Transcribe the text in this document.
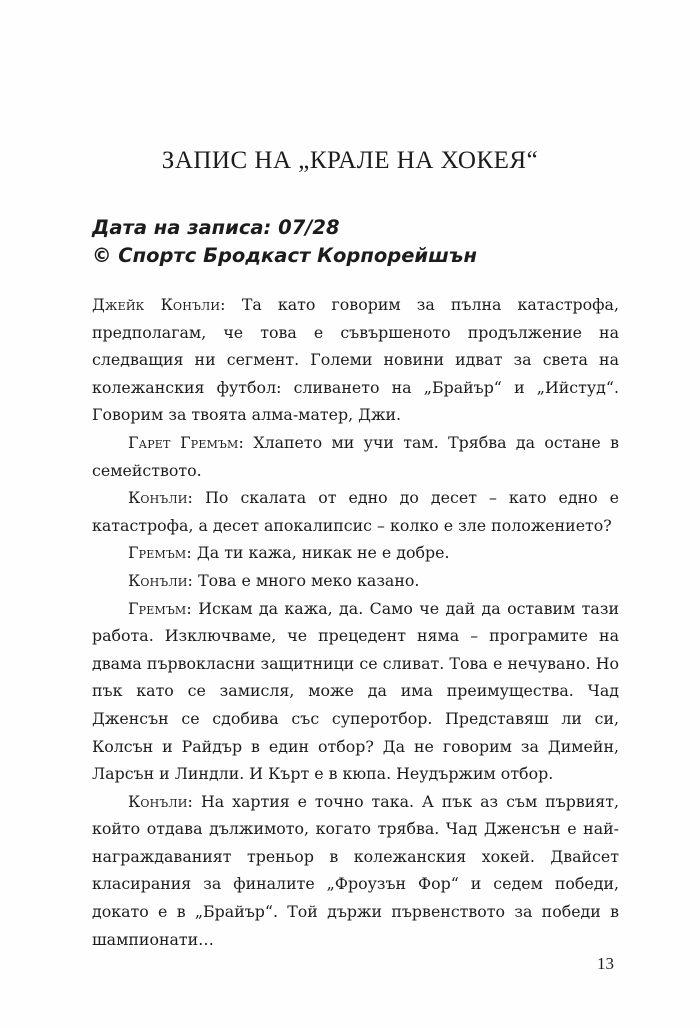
ЗАПИС НА „КРАЛЕ НА ХОКЕЯ“
Дата на записа: 07/28
© Спортс Бродкаст Корпорейшън

Джейк Конъли: Та като говорим за пълна катастрофа, предполагам, че това е съвършеното продължение на следващия ни сегмент. Големи новини идват за света на колежанския футбол: сливането на „Брайър“ и „Ийстуд“. Говорим за твоята алма-матер, Джи.

Гарет Гремъм: Хлапето ми учи там. Трябва да остане в семейството.

Конъли: По скалата от едно до десет – като едно е катастрофа, а десет апокалипсис – колко е зле положението?

Гремъм: Да ти кажа, никак не е добре.

Конъли: Това е много меко казано.

Гремъм: Искам да кажа, да. Само че дай да оставим тази работа. Изключваме, че прецедент няма – програмите на двама първокласни защитници се сливат. Това е нечувано. Но пък като се замисля, може да има преимущества. Чад Дженсън се сдобива със суперотбор. Представяш ли си, Колсън и Райдър в един отбор? Да не говорим за Димейн, Ларсън и Линдли. И Кърт е в кюпа. Неудържим отбор.

Конъли: На хартия е точно така. А пък аз съм първият, който отдава дължимото, когато трябва. Чад Дженсън е най-награждаваният треньор в колежанския хокей. Двайсет класирания за финалите „Фроузън Фор“ и седем победи, докато е в „Брайър“. Той държи първенството за победи в шампионати…

13
